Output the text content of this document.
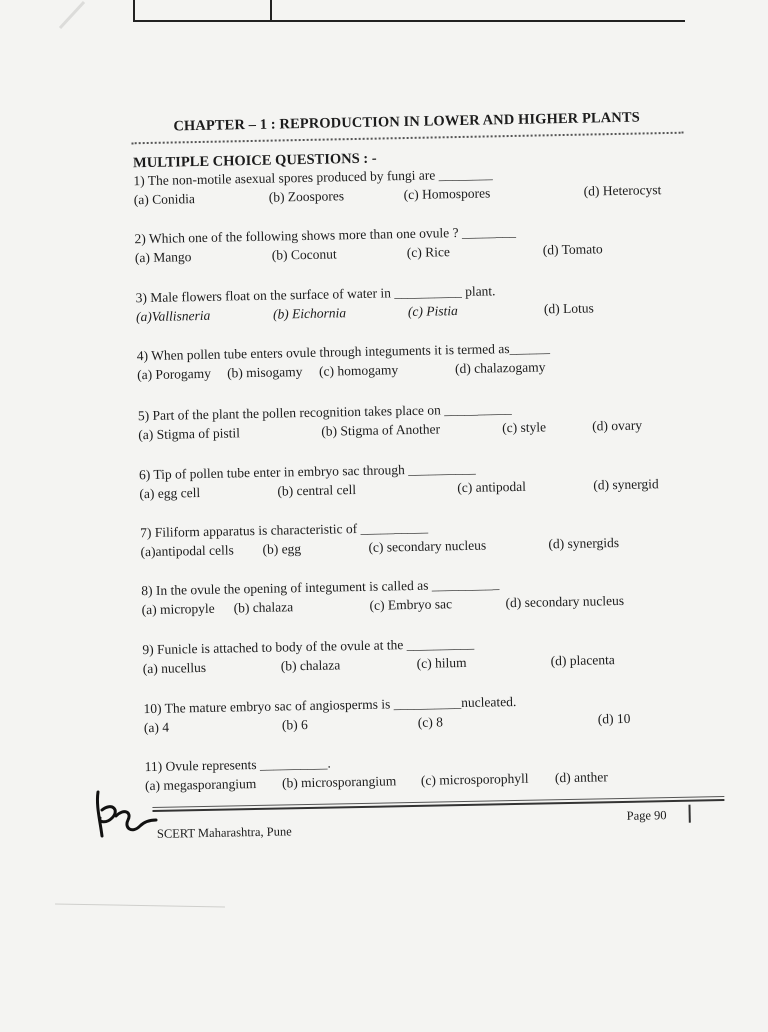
CHAPTER – 1 : REPRODUCTION IN LOWER AND HIGHER PLANTS
MULTIPLE CHOICE QUESTIONS : -
1) The non-motile asexual spores produced by fungi are ________
(a) Conidia	(b) Zoospores	(c) Homospores	(d) Heterocyst
2) Which one of the following shows more than one ovule ? ________
(a) Mango	(b) Coconut	(c) Rice	(d) Tomato
3) Male flowers float on the surface of water in __________ plant.
(a)Vallisneria	(b) Eichornia	(c) Pistia	(d) Lotus
4) When pollen tube enters ovule through integuments it is termed as______
(a) Porogamy (b) misogamy (c) homogamy	(d) chalazogamy
5) Part of the plant the pollen recognition takes place on __________
(a) Stigma of pistil	(b) Stigma of Another	(c) style	(d) ovary
6) Tip of pollen tube enter in embryo sac through __________
(a) egg cell	(b) central cell	(c) antipodal	(d) synergid
7) Filiform apparatus is characteristic of __________
(a)antipodal cells (b) egg	(c) secondary nucleus	(d) synergids
8) In the ovule the opening of integument is called as __________
(a) micropyle (b) chalaza	(c) Embryo sac	(d) secondary nucleus
9) Funicle is attached to body of the ovule at the __________
(a) nucellus	(b) chalaza	(c) hilum	(d) placenta
10) The mature embryo sac of angiosperms is __________nucleated.
(a) 4	(b) 6	(c) 8	(d) 10
11) Ovule represents __________.
(a) megasporangium (b) microsporangium (c) microsporophyll (d) anther
SCERT Maharashtra, Pune
Page 90
